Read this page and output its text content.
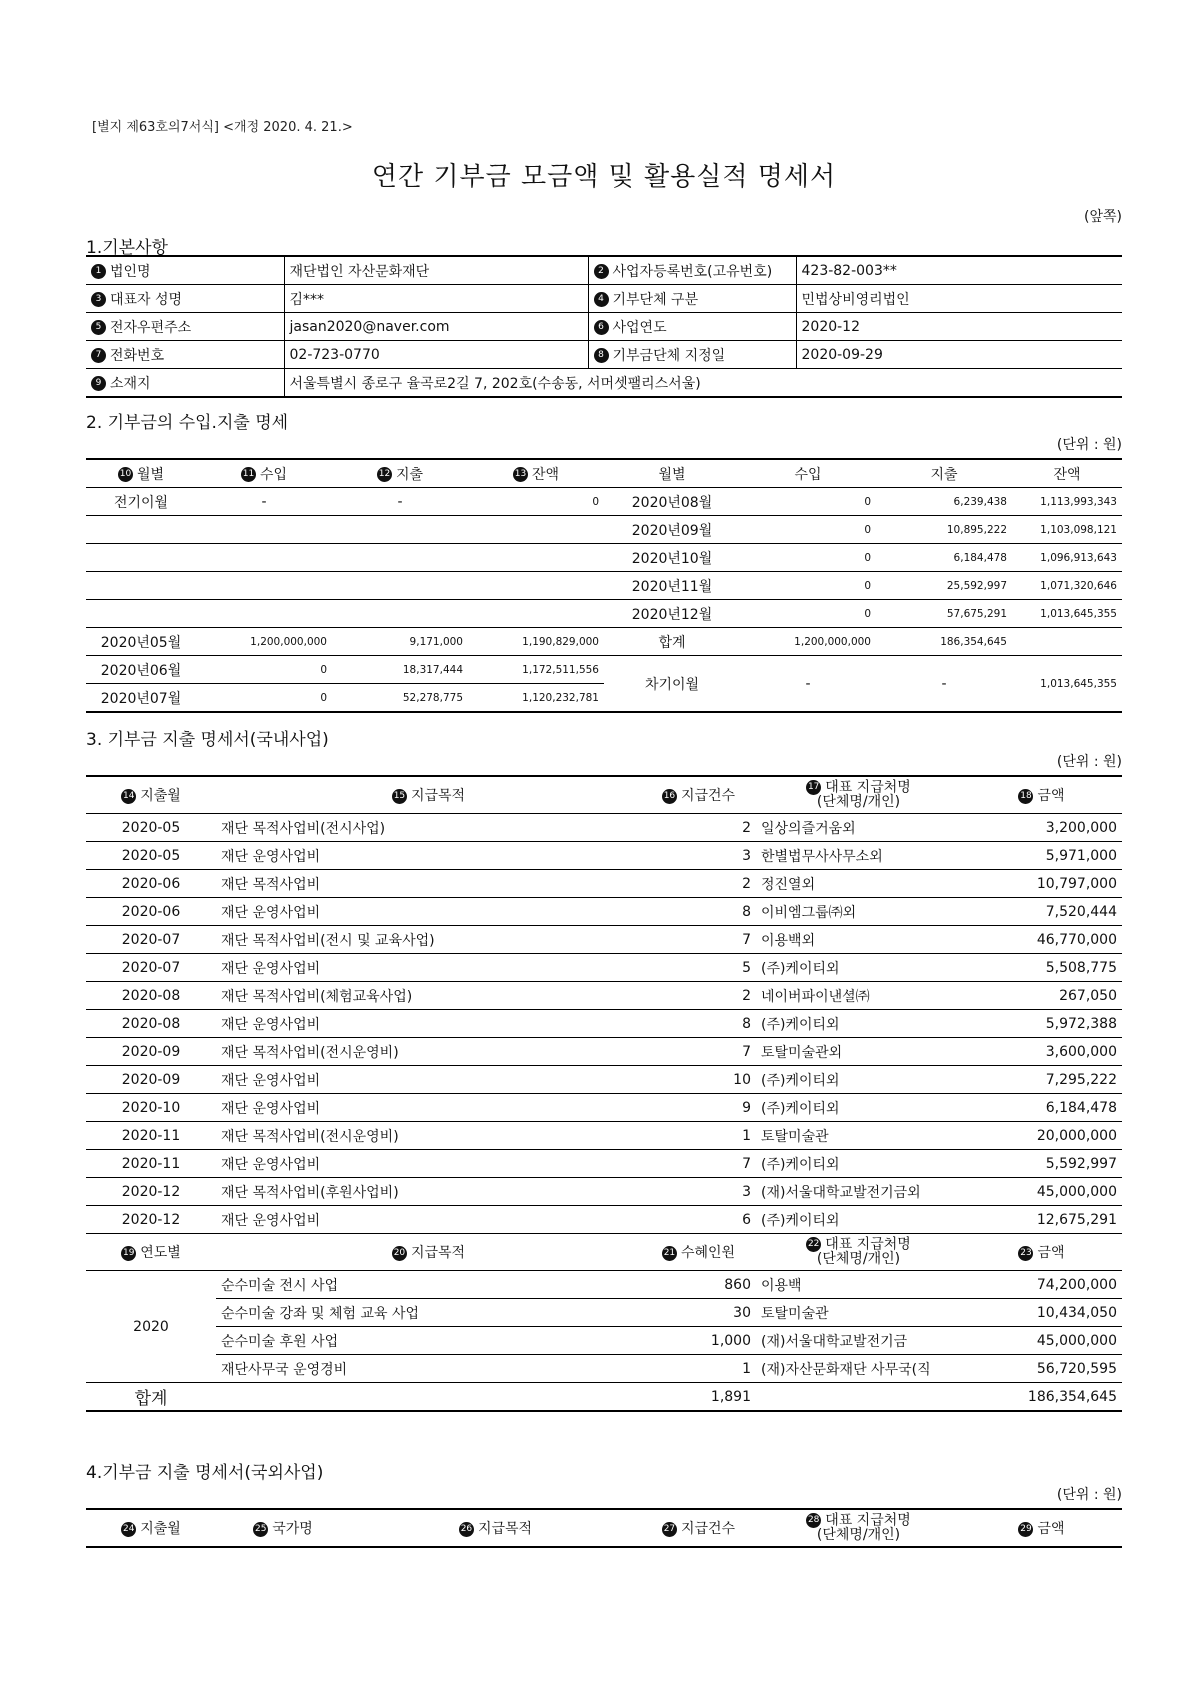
[별지 제63호의7서식] <개정 2020. 4. 21.>
연간 기부금 모금액 및 활용실적 명세서
(앞쪽)
1.기본사항
1 법인명	재단법인 자산문화재단	2 사업자등록번호(고유번호)	423-82-003**
3 대표자 성명	김***	4 기부단체 구분	민법상비영리법인
5 전자우편주소	jasan2020@naver.com	6 사업연도	2020-12
7 전화번호	02-723-0770	8 기부금단체 지정일	2020-09-29
9 소재지	서울특별시 종로구 율곡로2길 7, 202호(수송동, 서머셋팰리스서울)		
2. 기부금의 수입.지출 명세
(단위 : 원)
10 월별	11 수입	12 지출	13 잔액	월별	수입	지출	잔액
전기이월	-	-	0	2020년08월	0	6,239,438	1,113,993,343
				2020년09월	0	10,895,222	1,103,098,121
				2020년10월	0	6,184,478	1,096,913,643
				2020년11월	0	25,592,997	1,071,320,646
				2020년12월	0	57,675,291	1,013,645,355
2020년05월	1,200,000,000	9,171,000	1,190,829,000	합계	1,200,000,000	186,354,645	
2020년06월	0	18,317,444	1,172,511,556	차기이월	-	-	1,013,645,355
2020년07월	0	52,278,775	1,120,232,781				
3. 기부금 지출 명세서(국내사업)
(단위 : 원)
14 지출월	15 지급목적	16 지급건수	17 대표 지급처명
(단체명/개인)	18 금액
2020-05	재단 목적사업비(전시사업)	2	일상의즐거움외	3,200,000
2020-05	재단 운영사업비	3	한별법무사사무소외	5,971,000
2020-06	재단 목적사업비	2	정진열외	10,797,000
2020-06	재단 운영사업비	8	이비엠그룹㈜외	7,520,444
2020-07	재단 목적사업비(전시 및 교육사업)	7	이용백외	46,770,000
2020-07	재단 운영사업비	5	(주)케이티외	5,508,775
2020-08	재단 목적사업비(체험교육사업)	2	네이버파이낸셜㈜	267,050
2020-08	재단 운영사업비	8	(주)케이티외	5,972,388
2020-09	재단 목적사업비(전시운영비)	7	토탈미술관외	3,600,000
2020-09	재단 운영사업비	10	(주)케이티외	7,295,222
2020-10	재단 운영사업비	9	(주)케이티외	6,184,478
2020-11	재단 목적사업비(전시운영비)	1	토탈미술관	20,000,000
2020-11	재단 운영사업비	7	(주)케이티외	5,592,997
2020-12	재단 목적사업비(후원사업비)	3	(재)서울대학교발전기금외	45,000,000
2020-12	재단 운영사업비	6	(주)케이티외	12,675,291
19 연도별	20 지급목적	21 수혜인원	22 대표 지급처명
(단체명/개인)	23 금액
2020	순수미술 전시 사업	860	이용백	74,200,000
	순수미술 강좌 및 체험 교육 사업	30	토탈미술관	10,434,050
	순수미술 후원 사업	1,000	(재)서울대학교발전기금	45,000,000
	재단사무국 운영경비	1	(재)자산문화재단 사무국(직	56,720,595
합계		1,891		186,354,645
4.기부금 지출 명세서(국외사업)
(단위 : 원)
24 지출월	25 국가명	26 지급목적	27 지급건수	
28 대표 지급처명
(단체명/개인)	29 금액
